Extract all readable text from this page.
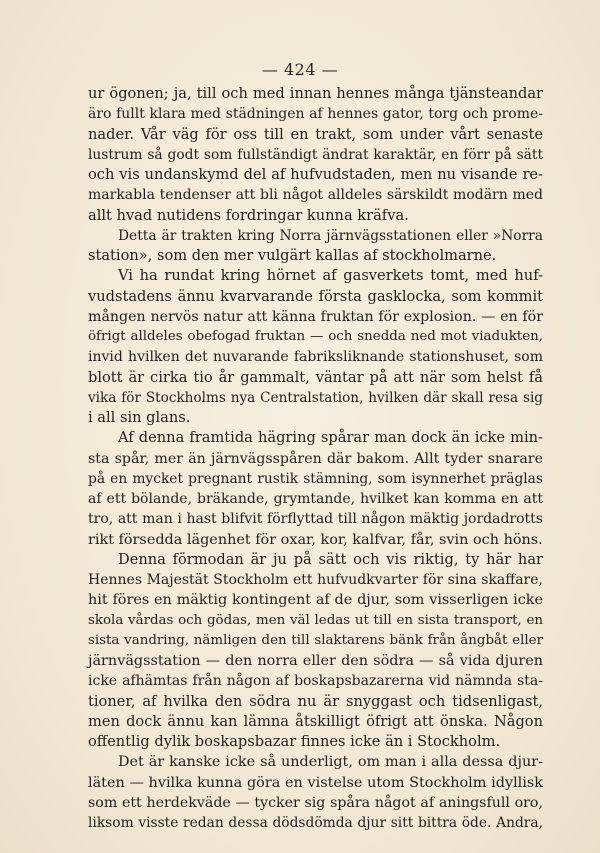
— 424 —
ur ögonen; ja, till och med innan hennes många tjänsteandar
äro fullt klara med städningen af hennes gator, torg och prome-
nader. Vår väg för oss till en trakt, som under vårt senaste
lustrum så godt som fullständigt ändrat karaktär, en förr på sätt
och vis undanskymd del af hufvudstaden, men nu visande re-
markabla tendenser att bli något alldeles särskildt modärn med
allt hvad nutidens fordringar kunna kräfva.
Detta är trakten kring Norra järnvägsstationen eller »Norra
station», som den mer vulgärt kallas af stockholmarne.
Vi ha rundat kring hörnet af gasverkets tomt, med huf-
vudstadens ännu kvarvarande första gasklocka, som kommit
mången nervös natur att känna fruktan för explosion. — en för
öfrigt alldeles obefogad fruktan — och snedda ned mot viadukten,
invid hvilken det nuvarande fabriksliknande stationshuset, som
blott är cirka tio år gammalt, väntar på att när som helst få
vika för Stockholms nya Centralstation, hvilken där skall resa sig
i all sin glans.
Af denna framtida hägring spårar man dock än icke min-
sta spår, mer än järnvägsspåren där bakom. Allt tyder snarare
på en mycket pregnant rustik stämning, som isynnerhet präglas
af ett bölande, bräkande, grymtande, hvilket kan komma en att
tro, att man i hast blifvit förflyttad till någon mäktig jordadrotts
rikt försedda lägenhet för oxar, kor, kalfvar, får, svin och höns.
Denna förmodan är ju på sätt och vis riktig, ty här har
Hennes Majestät Stockholm ett hufvudkvarter för sina skaffare,
hit föres en mäktig kontingent af de djur, som visserligen icke
skola vårdas och gödas, men väl ledas ut till en sista transport, en
sista vandring, nämligen den till slaktarens bänk från ångbåt eller
järnvägsstation — den norra eller den södra — så vida djuren
icke afhämtas från någon af boskapsbazarerna vid nämnda sta-
tioner, af hvilka den södra nu är snyggast och tidsenligast,
men dock ännu kan lämna åtskilligt öfrigt att önska. Någon
offentlig dylik boskapsbazar finnes icke än i Stockholm.
Det är kanske icke så underligt, om man i alla dessa djur-
läten — hvilka kunna göra en vistelse utom Stockholm idyllisk
som ett herdekväde — tycker sig spåra något af aningsfull oro,
liksom visste redan dessa dödsdömda djur sitt bittra öde. Andra,
